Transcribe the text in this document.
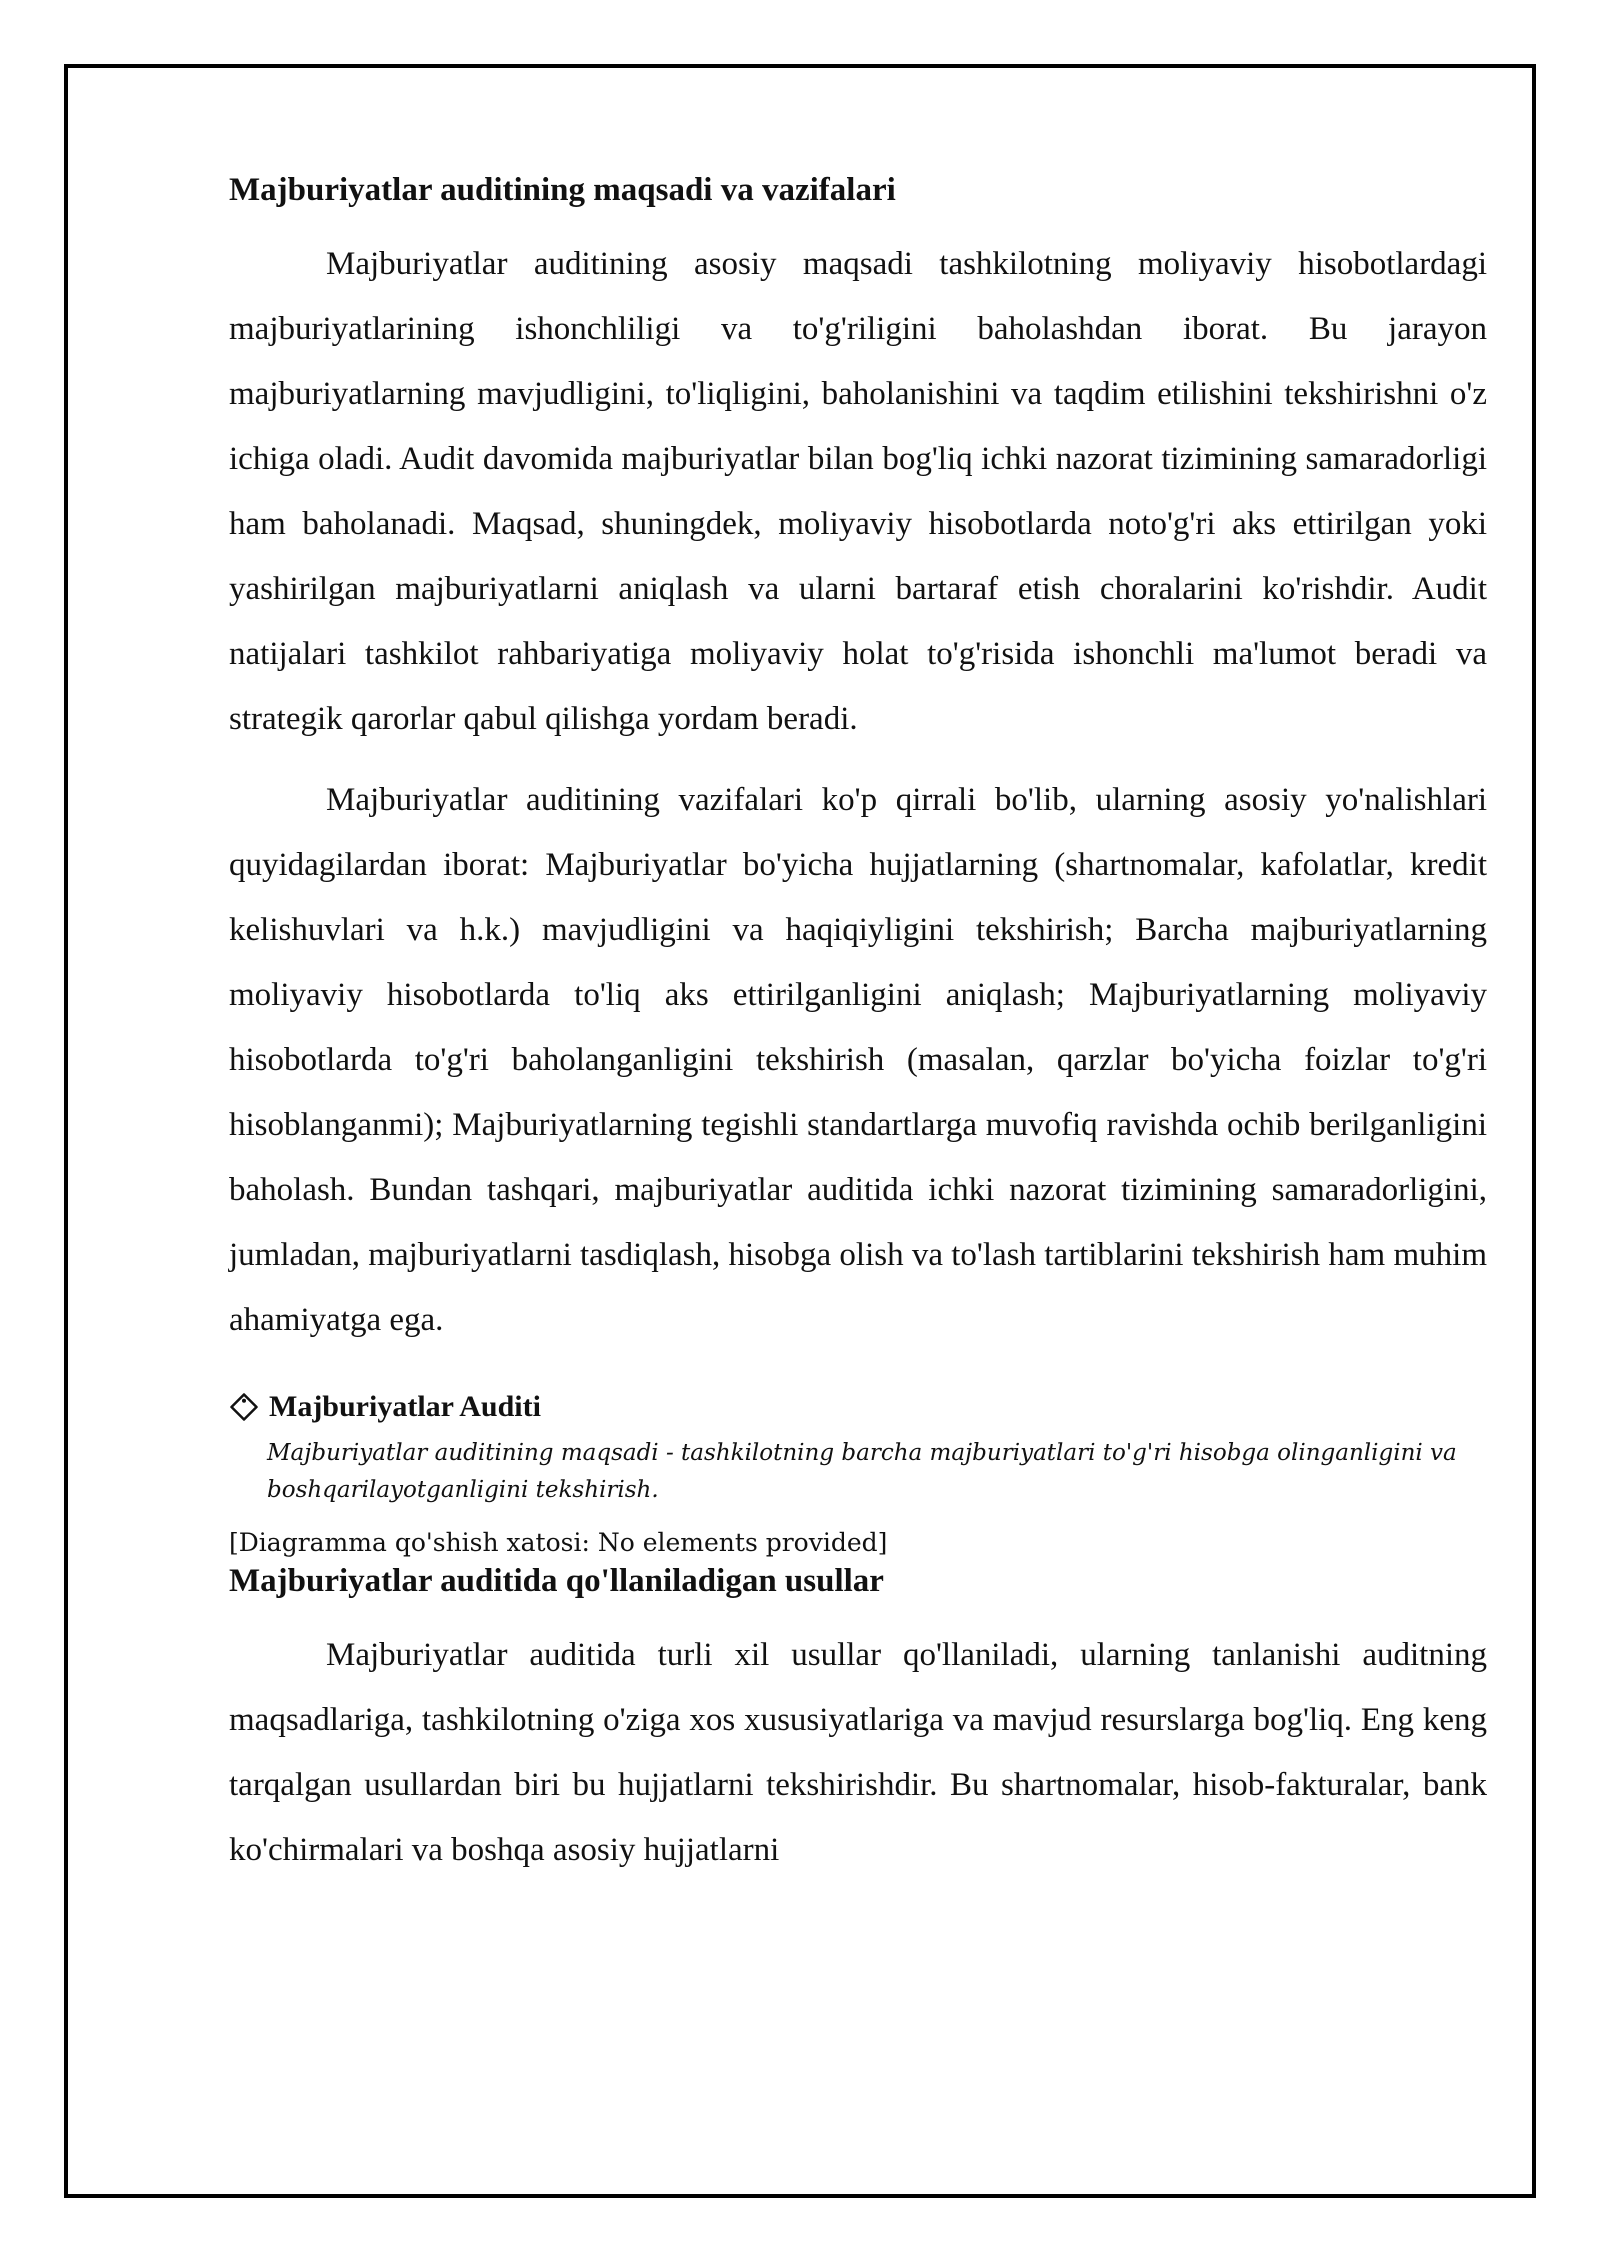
Majburiyatlar auditining maqsadi va vazifalari

Majburiyatlar auditining asosiy maqsadi tashkilotning moliyaviy hisobotlardagi majburiyatlarining ishonchliligi va to'g'riligini baholashdan iborat. Bu jarayon majburiyatlarning mavjudligini, to'liqligini, baholanishini va taqdim etilishini tekshirishni o'z ichiga oladi. Audit davomida majburiyatlar bilan bog'liq ichki nazorat tizimining samaradorligi ham baholanadi. Maqsad, shuningdek, moliyaviy hisobotlarda noto'g'ri aks ettirilgan yoki yashirilgan majburiyatlarni aniqlash va ularni bartaraf etish choralarini ko'rishdir. Audit natijalari tashkilot rahbariyatiga moliyaviy holat to'g'risida ishonchli ma'lumot beradi va strategik qarorlar qabul qilishga yordam beradi.

Majburiyatlar auditining vazifalari ko'p qirrali bo'lib, ularning asosiy yo'nalishlari quyidagilardan iborat: Majburiyatlar bo'yicha hujjatlarning (shartnomalar, kafolatlar, kredit kelishuvlari va h.k.) mavjudligini va haqiqiyligini tekshirish; Barcha majburiyatlarning moliyaviy hisobotlarda to'liq aks ettirilganligini aniqlash; Majburiyatlarning moliyaviy hisobotlarda to'g'ri baholanganligini tekshirish (masalan, qarzlar bo'yicha foizlar to'g'ri hisoblanganmi); Majburiyatlarning tegishli standartlarga muvofiq ravishda ochib berilganligini baholash. Bundan tashqari, majburiyatlar auditida ichki nazorat tizimining samaradorligini, jumladan, majburiyatlarni tasdiqlash, hisobga olish va to'lash tartiblarini tekshirish ham muhim ahamiyatga ega.

Majburiyatlar Auditi
Majburiyatlar auditining maqsadi - tashkilotning barcha majburiyatlari to'g'ri hisobga olinganligini va boshqarilayotganligini tekshirish.
[Diagramma qo'shish xatosi: No elements provided]
Majburiyatlar auditida qo'llaniladigan usullar

Majburiyatlar auditida turli xil usullar qo'llaniladi, ularning tanlanishi auditning maqsadlariga, tashkilotning o'ziga xos xususiyatlariga va mavjud resurslarga bog'liq. Eng keng tarqalgan usullardan biri bu hujjatlarni tekshirishdir. Bu shartnomalar, hisob-fakturalar, bank ko'chirmalari va boshqa asosiy hujjatlarni
